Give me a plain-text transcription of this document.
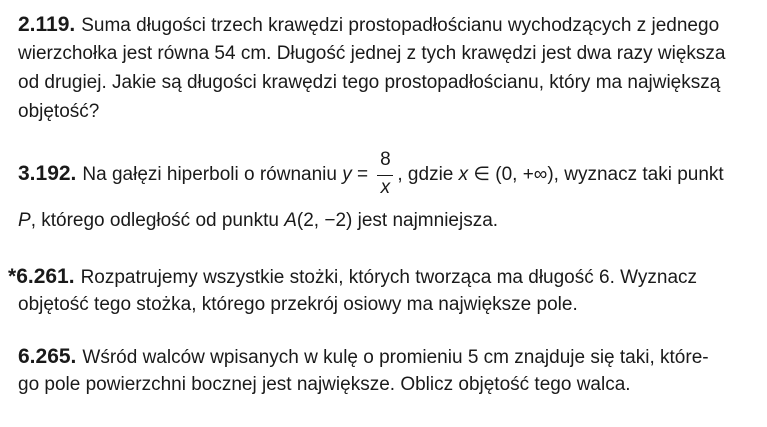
2.119. Suma długości trzech krawędzi prostopadłościanu wychodzących z jednego
wierzchołka jest równa 54 cm. Długość jednej z tych krawędzi jest dwa razy większa
od drugiej. Jakie są długości krawędzi tego prostopadłościanu, który ma największą
objętość?
3.192. Na gałęzi hiperboli o równaniu $y = \frac{8}{x}$ , gdzie x ∈ (0, +∞), wyznacz taki punkt
P, którego odległość od punktu A(2, −2) jest najmniejsza.
*6.261. Rozpatrujemy wszystkie stożki, których tworząca ma długość 6. Wyznacz
objętość tego stożka, którego przekrój osiowy ma największe pole.
6.265. Wśród walców wpisanych w kulę o promieniu 5 cm znajduje się taki, które-
go pole powierzchni bocznej jest największe. Oblicz objętość tego walca.
